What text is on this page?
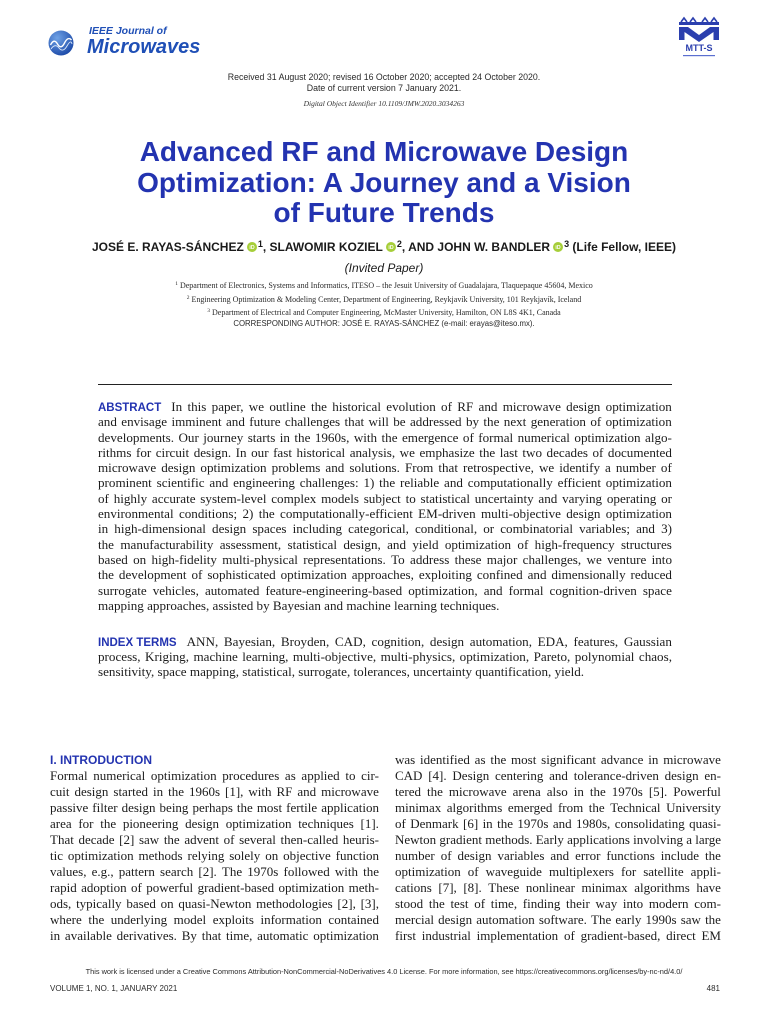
IEEE Journal of
Microwaves	MTT-S
Received 31 August 2020; revised 16 October 2020; accepted 24 October 2020.
Date of current version 7 January 2021.
Digital Object Identifier 10.1109/JMW.2020.3034263
Advanced RF and Microwave Design
Optimization: A Journey and a Vision
of Future Trends
JOSÉ E. RAYAS-SÁNCHEZ iD $^1$, SLAWOMIR KOZIEL iD $^2$, AND JOHN W. BANDLER iD $^3$ (Life Fellow, IEEE)
(Invited Paper)
$^1$ Department of Electronics, Systems and Informatics, ITESO – the Jesuit University of Guadalajara, Tlaquepaque 45604, Mexico
$^2$ Engineering Optimization & Modeling Center, Department of Engineering, Reykjavík University, 101 Reykjavík, Iceland
$^3$ Department of Electrical and Computer Engineering, McMaster University, Hamilton, ON L8S 4K1, Canada
CORRESPONDING AUTHOR: JOSÉ E. RAYAS-SÁNCHEZ (e-mail: erayas@iteso.mx).
ABSTRACT In this paper, we outline the historical evolution of RF and microwave design optimization
and envisage imminent and future challenges that will be addressed by the next generation of optimization
developments. Our journey starts in the 1960s, with the emergence of formal numerical optimization algo-
rithms for circuit design. In our fast historical analysis, we emphasize the last two decades of documented
microwave design optimization problems and solutions. From that retrospective, we identify a number of
prominent scientific and engineering challenges: 1) the reliable and computationally efficient optimization
of highly accurate system-level complex models subject to statistical uncertainty and varying operating or
environmental conditions; 2) the computationally-efficient EM-driven multi-objective design optimization
in high-dimensional design spaces including categorical, conditional, or combinatorial variables; and 3)
the manufacturability assessment, statistical design, and yield optimization of high-frequency structures
based on high-fidelity multi-physical representations. To address these major challenges, we venture into
the development of sophisticated optimization approaches, exploiting confined and dimensionally reduced
surrogate vehicles, automated feature-engineering-based optimization, and formal cognition-driven space
mapping approaches, assisted by Bayesian and machine learning techniques.
INDEX TERMS ANN, Bayesian, Broyden, CAD, cognition, design automation, EDA, features, Gaussian
process, Kriging, machine learning, multi-objective, multi-physics, optimization, Pareto, polynomial chaos,
sensitivity, space mapping, statistical, surrogate, tolerances, uncertainty quantification, yield.
I. INTRODUCTION
Formal numerical optimization procedures as applied to cir-
cuit design started in the 1960s [1], with RF and microwave
passive filter design being perhaps the most fertile application
area for the pioneering design optimization techniques [1].
That decade [2] saw the advent of several then-called heuris-
tic optimization methods relying solely on objective function
values, e.g., pattern search [2]. The 1970s followed with the
rapid adoption of powerful gradient-based optimization meth-
ods, typically based on quasi-Newton methodologies [2], [3],
where the underlying model exploits information contained
in available derivatives. By that time, automatic optimization
was identified as the most significant advance in microwave
CAD [4]. Design centering and tolerance-driven design en-
tered the microwave arena also in the 1970s [5]. Powerful
minimax algorithms emerged from the Technical University
of Denmark [6] in the 1970s and 1980s, consolidating quasi-
Newton gradient methods. Early applications involving a large
number of design variables and error functions include the
optimization of waveguide multiplexers for satellite appli-
cations [7], [8]. These nonlinear minimax algorithms have
stood the test of time, finding their way into modern com-
mercial design automation software. The early 1990s saw the
first industrial implementation of gradient-based, direct EM
This work is licensed under a Creative Commons Attribution-NonCommercial-NoDerivatives 4.0 License. For more information, see https://creativecommons.org/licenses/by-nc-nd/4.0/
VOLUME 1, NO. 1, JANUARY 2021	481
